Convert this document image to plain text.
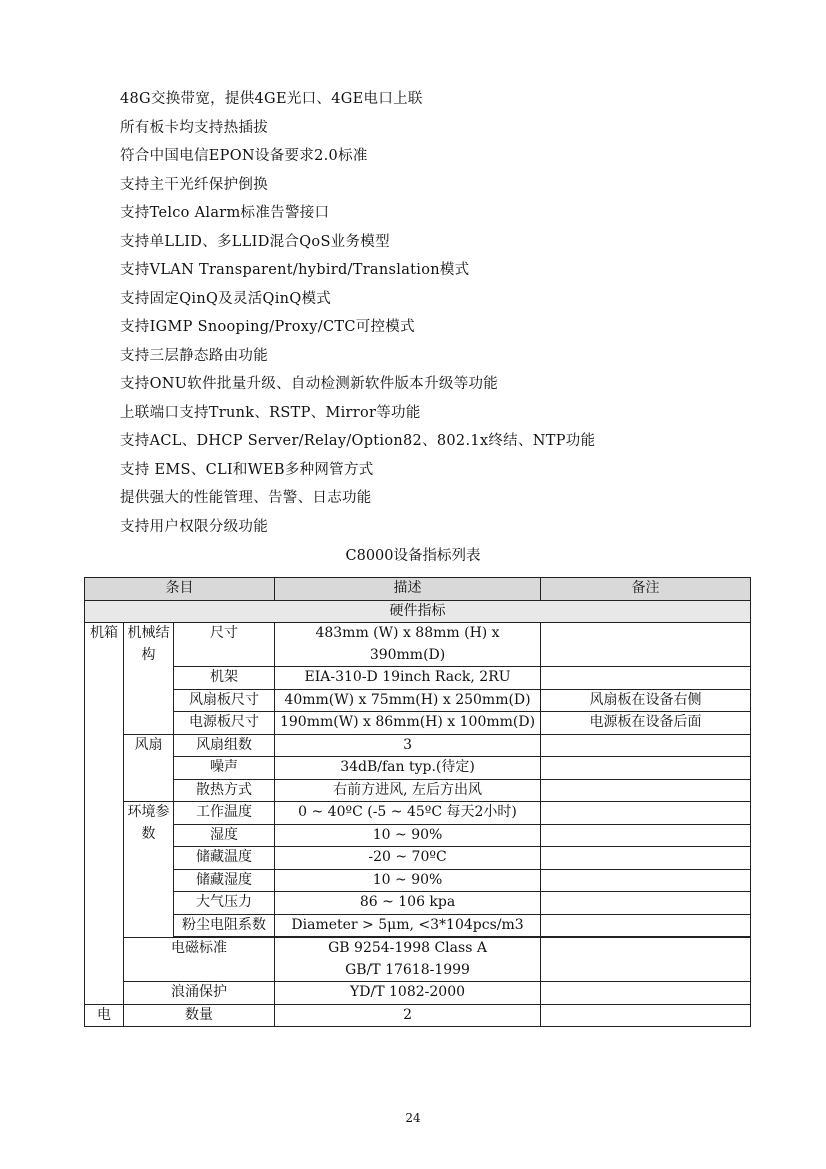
48G交换带宽，提供4GE光口、4GE电口上联
所有板卡均支持热插拔
符合中国电信EPON设备要求2.0标准
支持主干光纤保护倒换
支持Telco Alarm标准告警接口
支持单LLID、多LLID混合QoS业务模型
支持VLAN Transparent/hybird/Translation模式
支持固定QinQ及灵活QinQ模式
支持IGMP Snooping/Proxy/CTC可控模式
支持三层静态路由功能
支持ONU软件批量升级、自动检测新软件版本升级等功能
上联端口支持Trunk、RSTP、Mirror等功能
支持ACL、DHCP Server/Relay/Option82、802.1x终结、NTP功能
支持 EMS、CLI和WEB多种网管方式
提供强大的性能管理、告警、日志功能
支持用户权限分级功能
C8000设备指标列表
条目			描述	备注
硬件指标				
机箱	机械结构	尺寸	483mm (W) x 88mm (H) x 390mm(D)	
		机架	EIA-310-D 19inch Rack, 2RU	
		风扇板尺寸	40mm(W) x 75mm(H) x 250mm(D)	风扇板在设备右侧
		电源板尺寸	190mm(W) x 86mm(H) x 100mm(D)	电源板在设备后面
	风扇	风扇组数	3	
		噪声	34dB/fan typ.(待定)	
		散热方式	右前方进风, 左后方出风	
	环境参数	工作温度	0 ~ 40ºC (-5 ~ 45ºC 每天2小时)	
		湿度	10 ~ 90%	
		储藏温度	-20 ~ 70ºC	
		储藏湿度	10 ~ 90%	
		大气压力	86 ~ 106 kpa	
		粉尘电阻系数	Diameter > 5μm, <3*104pcs/m3	

	电磁标准		GB 9254-1998 Class A
GB/T 17618-1999	

	浪涌保护		YD/T 1082-2000	
电	数量		2	
24
